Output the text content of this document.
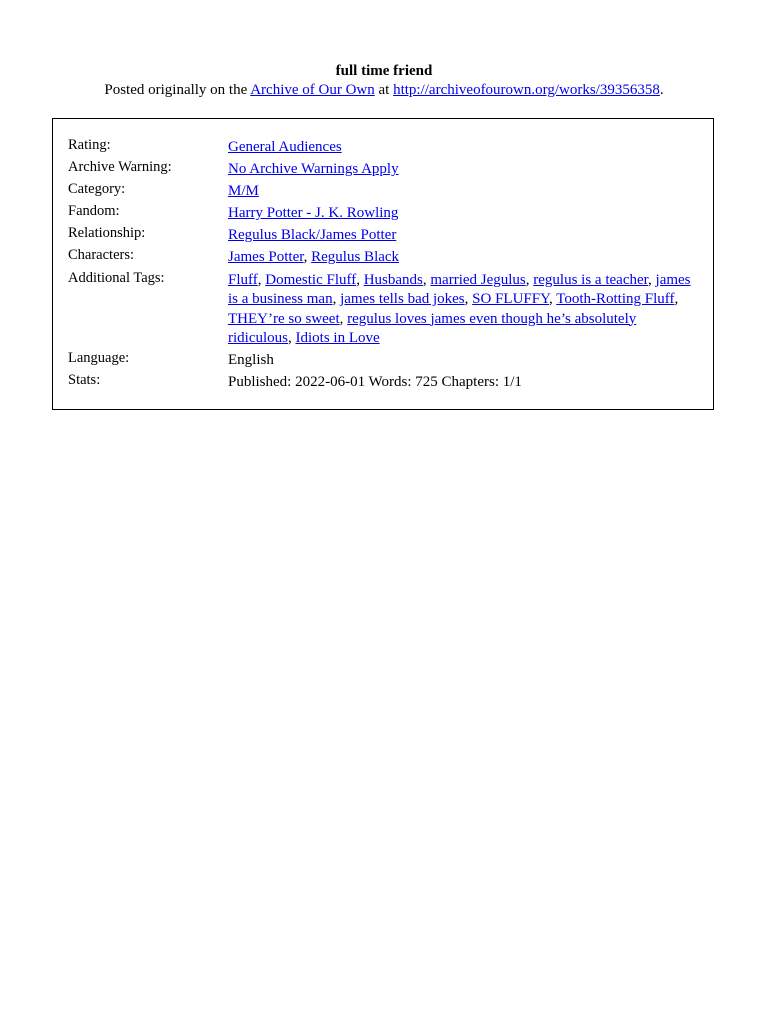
full time friend
Posted originally on the Archive of Our Own at http://archiveofourown.org/works/39356358.
Rating:	General Audiences
Archive Warning:	No Archive Warnings Apply
Category:	M/M
Fandom:	Harry Potter - J. K. Rowling
Relationship:	Regulus Black/James Potter
Characters:	James Potter, Regulus Black
Additional Tags:	Fluff, Domestic Fluff, Husbands, married Jegulus, regulus is a teacher, james is a business man, james tells bad jokes, SO FLUFFY, Tooth-Rotting Fluff, THEY’re so sweet, regulus loves james even though he’s absolutely ridiculous, Idiots in Love
Language:	English
Stats:	Published: 2022-06-01 Words: 725 Chapters: 1/1
